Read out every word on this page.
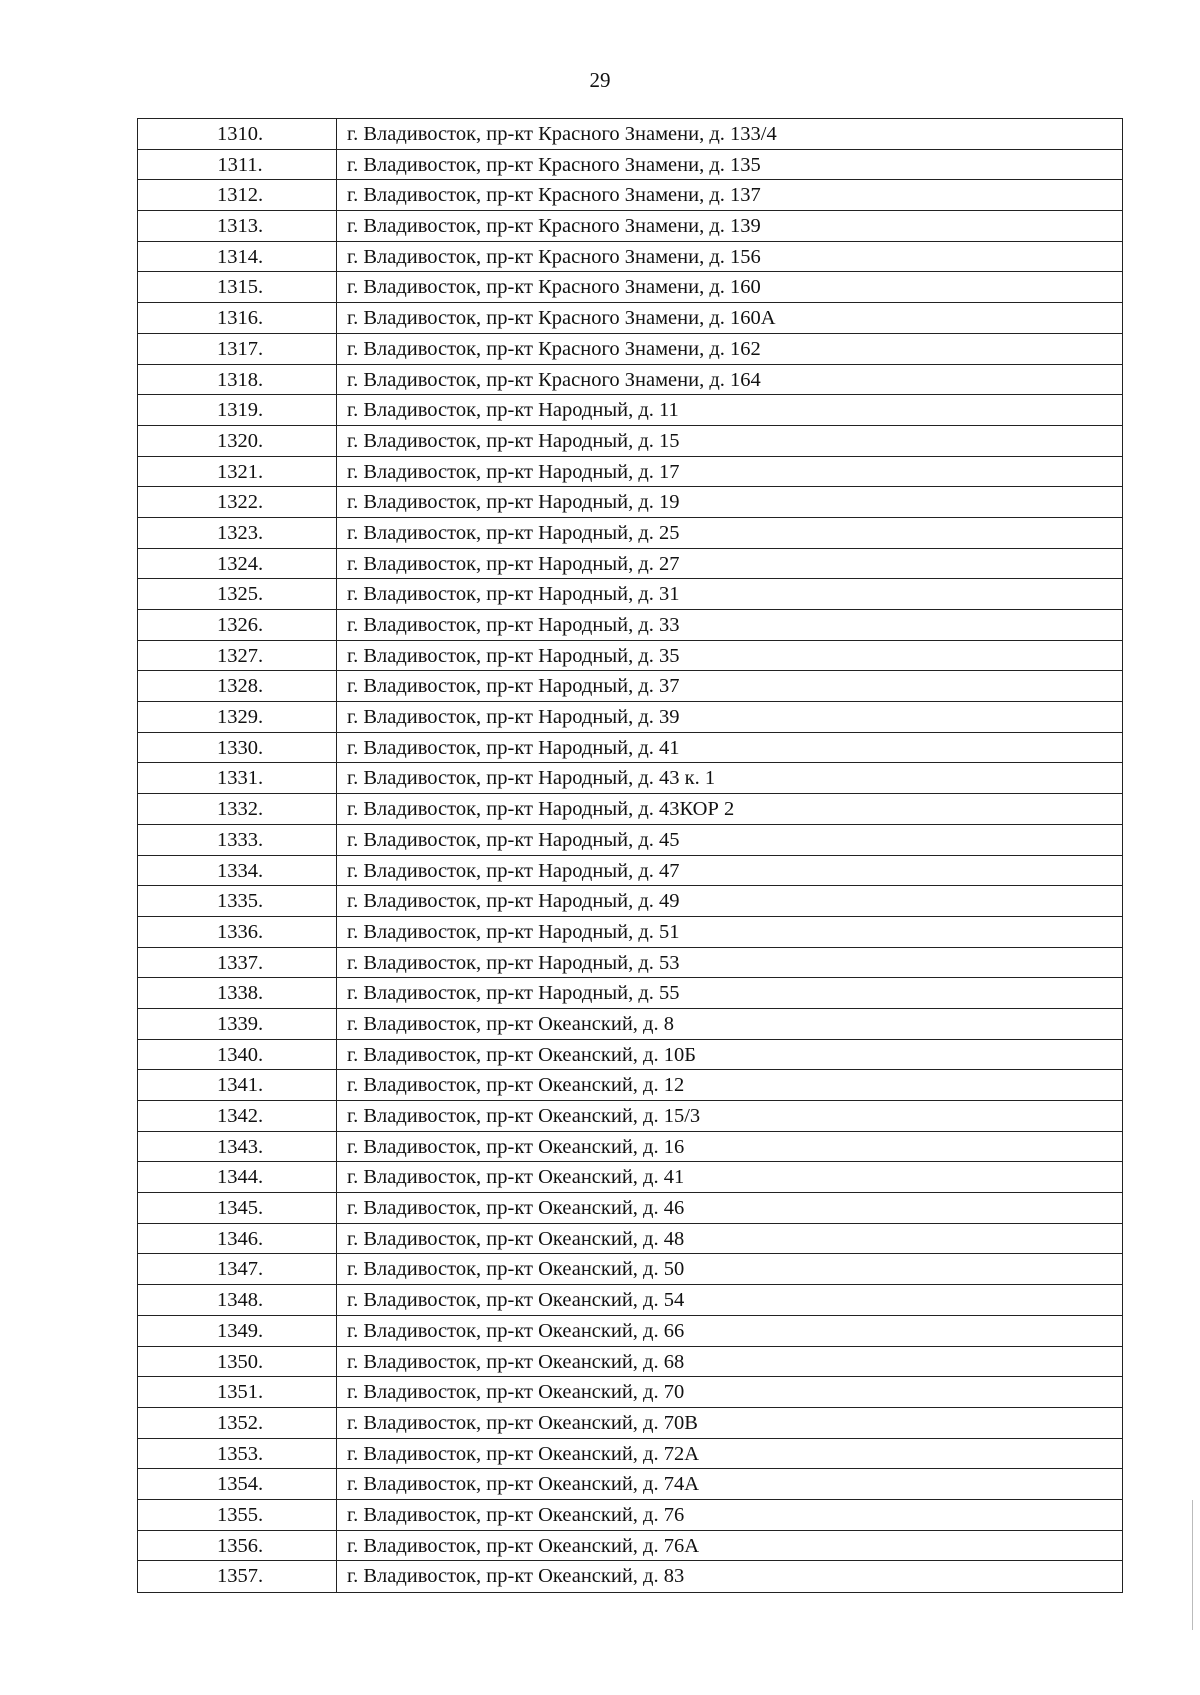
29
1310.	г. Владивосток, пр-кт Красного Знамени, д. 133/4
1311.	г. Владивосток, пр-кт Красного Знамени, д. 135
1312.	г. Владивосток, пр-кт Красного Знамени, д. 137
1313.	г. Владивосток, пр-кт Красного Знамени, д. 139
1314.	г. Владивосток, пр-кт Красного Знамени, д. 156
1315.	г. Владивосток, пр-кт Красного Знамени, д. 160
1316.	г. Владивосток, пр-кт Красного Знамени, д. 160А
1317.	г. Владивосток, пр-кт Красного Знамени, д. 162
1318.	г. Владивосток, пр-кт Красного Знамени, д. 164
1319.	г. Владивосток, пр-кт Народный, д. 11
1320.	г. Владивосток, пр-кт Народный, д. 15
1321.	г. Владивосток, пр-кт Народный, д. 17
1322.	г. Владивосток, пр-кт Народный, д. 19
1323.	г. Владивосток, пр-кт Народный, д. 25
1324.	г. Владивосток, пр-кт Народный, д. 27
1325.	г. Владивосток, пр-кт Народный, д. 31
1326.	г. Владивосток, пр-кт Народный, д. 33
1327.	г. Владивосток, пр-кт Народный, д. 35
1328.	г. Владивосток, пр-кт Народный, д. 37
1329.	г. Владивосток, пр-кт Народный, д. 39
1330.	г. Владивосток, пр-кт Народный, д. 41
1331.	г. Владивосток, пр-кт Народный, д. 43 к. 1
1332.	г. Владивосток, пр-кт Народный, д. 43КОР 2
1333.	г. Владивосток, пр-кт Народный, д. 45
1334.	г. Владивосток, пр-кт Народный, д. 47
1335.	г. Владивосток, пр-кт Народный, д. 49
1336.	г. Владивосток, пр-кт Народный, д. 51
1337.	г. Владивосток, пр-кт Народный, д. 53
1338.	г. Владивосток, пр-кт Народный, д. 55
1339.	г. Владивосток, пр-кт Океанский, д. 8
1340.	г. Владивосток, пр-кт Океанский, д. 10Б
1341.	г. Владивосток, пр-кт Океанский, д. 12
1342.	г. Владивосток, пр-кт Океанский, д. 15/3
1343.	г. Владивосток, пр-кт Океанский, д. 16
1344.	г. Владивосток, пр-кт Океанский, д. 41
1345.	г. Владивосток, пр-кт Океанский, д. 46
1346.	г. Владивосток, пр-кт Океанский, д. 48
1347.	г. Владивосток, пр-кт Океанский, д. 50
1348.	г. Владивосток, пр-кт Океанский, д. 54
1349.	г. Владивосток, пр-кт Океанский, д. 66
1350.	г. Владивосток, пр-кт Океанский, д. 68
1351.	г. Владивосток, пр-кт Океанский, д. 70
1352.	г. Владивосток, пр-кт Океанский, д. 70В
1353.	г. Владивосток, пр-кт Океанский, д. 72А
1354.	г. Владивосток, пр-кт Океанский, д. 74А
1355.	г. Владивосток, пр-кт Океанский, д. 76
1356.	г. Владивосток, пр-кт Океанский, д. 76А
1357.	г. Владивосток, пр-кт Океанский, д. 83
